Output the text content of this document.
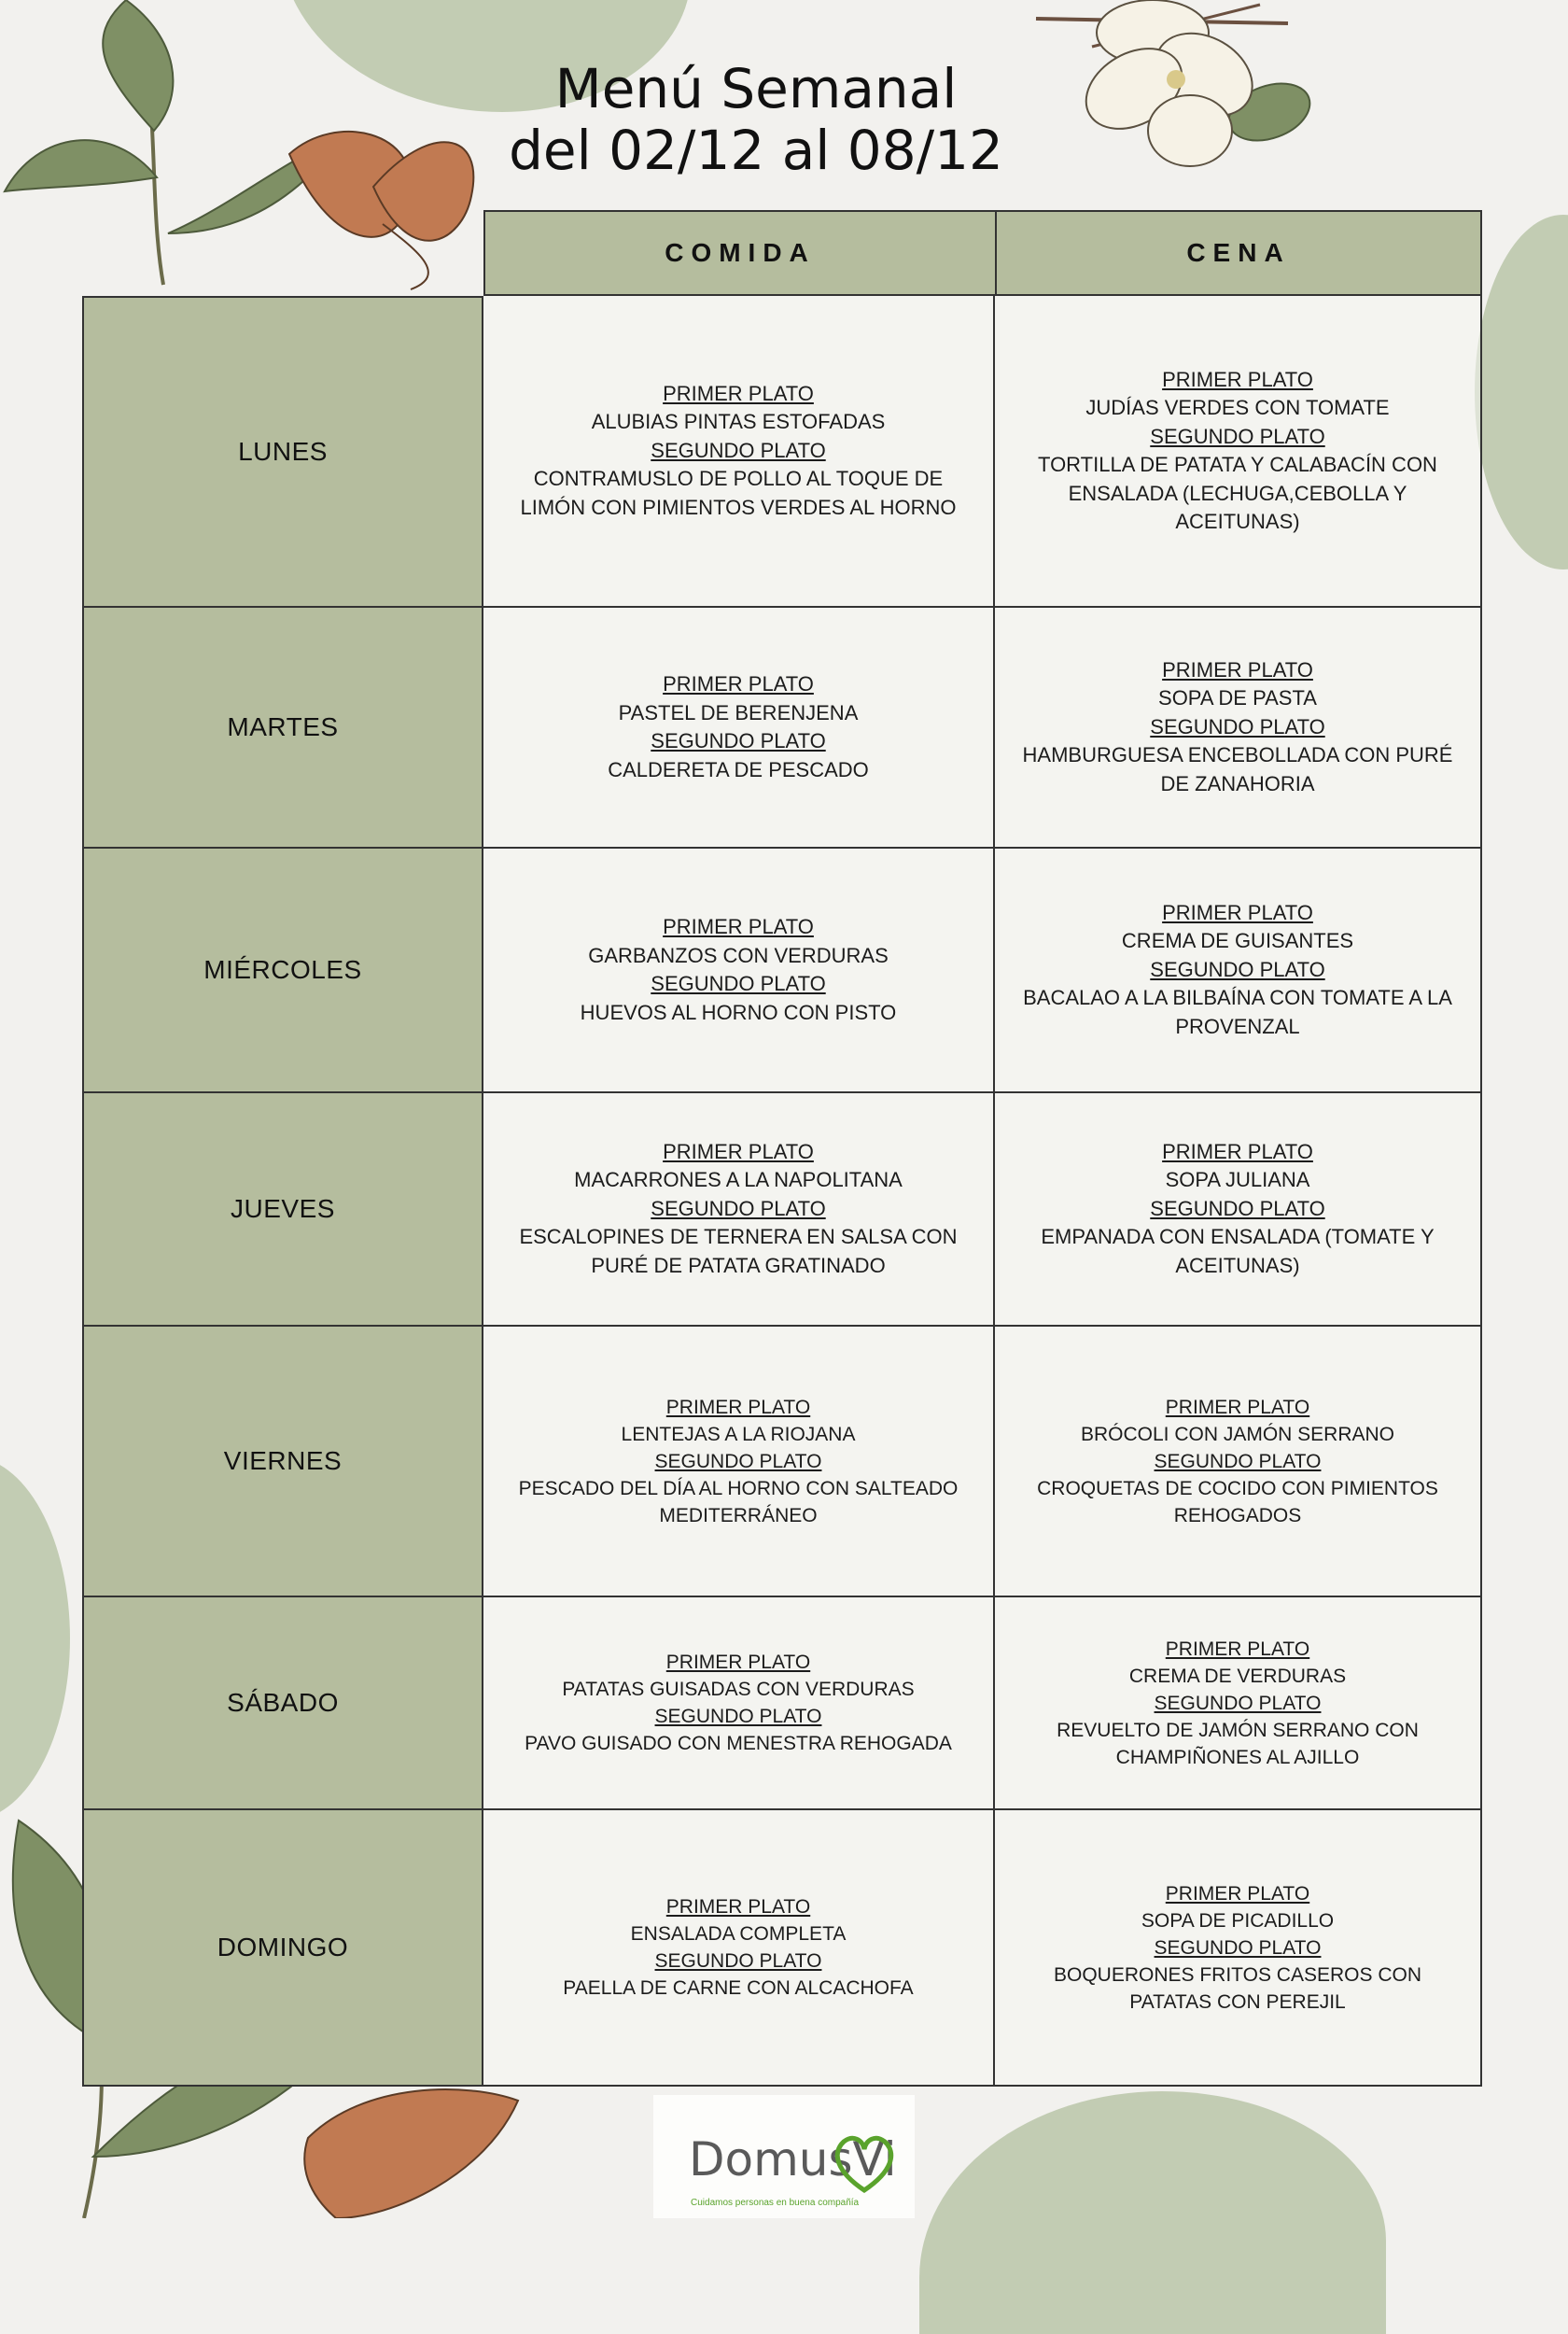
Menú Semanal
del 02/12 al 08/12
COMIDA	CENA
LUNES
PRIMER PLATO
ALUBIAS PINTAS ESTOFADAS
SEGUNDO PLATO
CONTRAMUSLO DE POLLO AL TOQUE DE LIMÓN CON PIMIENTOS VERDES AL HORNO
PRIMER PLATO
JUDÍAS VERDES CON TOMATE
SEGUNDO PLATO
TORTILLA DE PATATA Y CALABACÍN CON ENSALADA (LECHUGA,CEBOLLA Y ACEITUNAS)
MARTES
PRIMER PLATO
PASTEL DE BERENJENA
SEGUNDO PLATO
CALDERETA DE PESCADO
PRIMER PLATO
SOPA DE PASTA
SEGUNDO PLATO
HAMBURGUESA ENCEBOLLADA CON PURÉ DE ZANAHORIA
MIÉRCOLES
PRIMER PLATO
GARBANZOS CON VERDURAS
SEGUNDO PLATO
HUEVOS AL HORNO CON PISTO
PRIMER PLATO
CREMA DE GUISANTES
SEGUNDO PLATO
BACALAO A LA BILBAÍNA CON TOMATE A LA PROVENZAL
JUEVES
PRIMER PLATO
MACARRONES A LA NAPOLITANA
SEGUNDO PLATO
ESCALOPINES DE TERNERA EN SALSA CON PURÉ DE PATATA GRATINADO
PRIMER PLATO
SOPA JULIANA
SEGUNDO PLATO
EMPANADA CON ENSALADA (TOMATE Y ACEITUNAS)
VIERNES
PRIMER PLATO
LENTEJAS A LA RIOJANA
SEGUNDO PLATO
PESCADO DEL DÍA AL HORNO CON SALTEADO MEDITERRÁNEO
PRIMER PLATO
BRÓCOLI CON JAMÓN SERRANO
SEGUNDO PLATO
CROQUETAS DE COCIDO CON PIMIENTOS REHOGADOS
SÁBADO
PRIMER PLATO
PATATAS GUISADAS CON VERDURAS
SEGUNDO PLATO
PAVO GUISADO CON MENESTRA REHOGADA
PRIMER PLATO
CREMA DE VERDURAS
SEGUNDO PLATO
REVUELTO DE JAMÓN SERRANO CON CHAMPIÑONES AL AJILLO
DOMINGO
PRIMER PLATO
ENSALADA COMPLETA
SEGUNDO PLATO
PAELLA DE CARNE CON ALCACHOFA
PRIMER PLATO
SOPA DE PICADILLO
SEGUNDO PLATO
BOQUERONES FRITOS CASEROS CON PATATAS CON PEREJIL
DomusVi
Cuidamos personas en buena compañía
